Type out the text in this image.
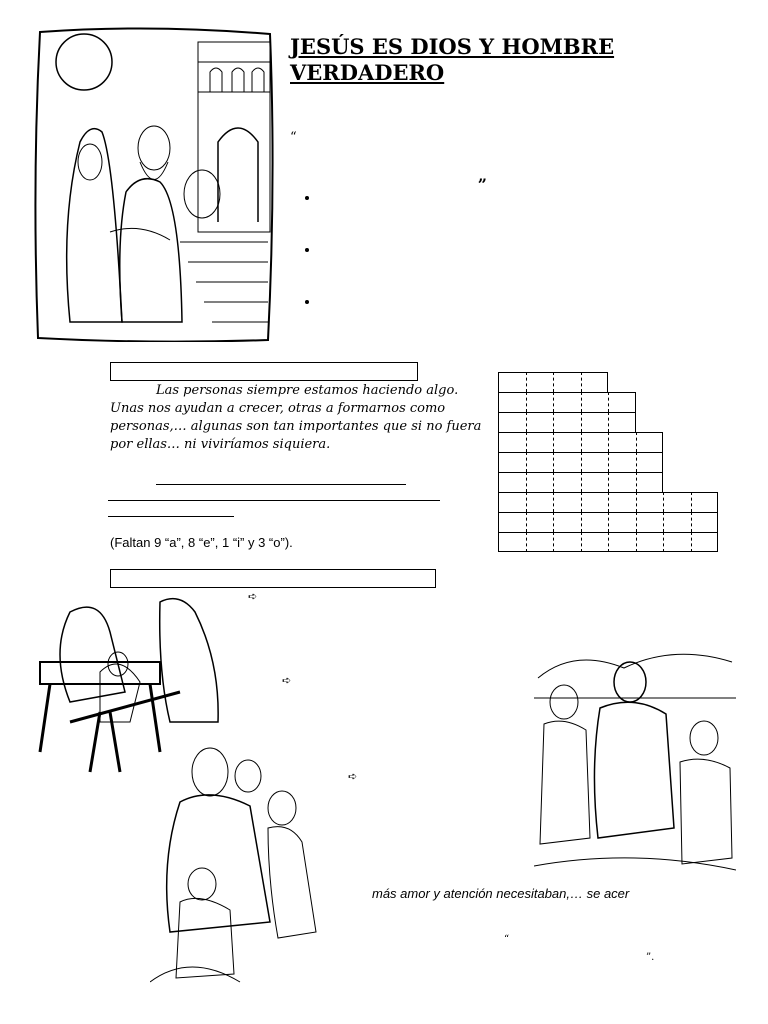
JESÚS ES DIOS Y HOMBRE
VERDADERO
“
„
Las personas siempre estamos haciendo algo. Unas nos ayudan a crecer, otras a formarnos como personas,… algunas son tan importantes que si no fuera por ellas… ni viviríamos siquiera.
(Faltan 9 “a”, 8 “e”, 1 “i” y 3 “o”).
➪
➪
➪
más amor y atención necesitaban,… se acer
“
”.
